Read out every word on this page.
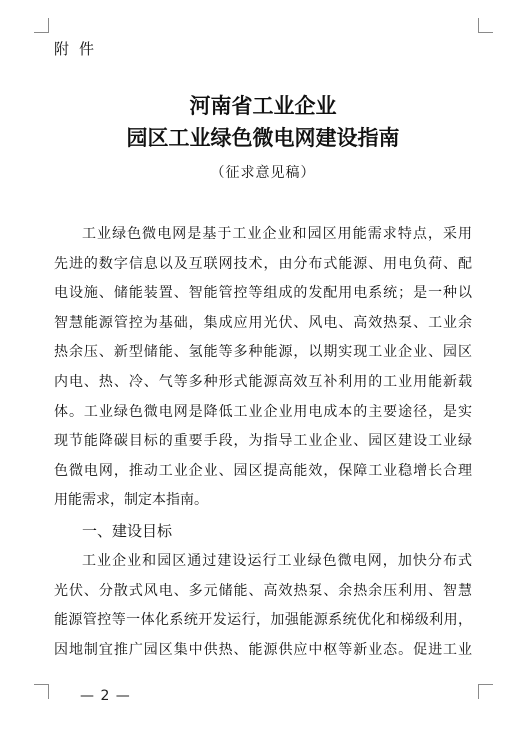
附件
河南省工业企业
园区工业绿色微电网建设指南
（征求意见稿）
工业绿色微电网是基于工业企业和园区用能需求特点，采用
先进的数字信息以及互联网技术，由分布式能源、用电负荷、配
电设施、储能装置、智能管控等组成的发配用电系统；是一种以
智慧能源管控为基础，集成应用光伏、风电、高效热泵、工业余
热余压、新型储能、氢能等多种能源，以期实现工业企业、园区
内电、热、冷、气等多种形式能源高效互补利用的工业用能新载
体。工业绿色微电网是降低工业企业用电成本的主要途径，是实
现节能降碳目标的重要手段，为指导工业企业、园区建设工业绿
色微电网，推动工业企业、园区提高能效，保障工业稳增长合理
用能需求，制定本指南。
一、建设目标
工业企业和园区通过建设运行工业绿色微电网，加快分布式
光伏、分散式风电、多元储能、高效热泵、余热余压利用、智慧
能源管控等一体化系统开发运行，加强能源系统优化和梯级利用，
因地制宜推广园区集中供热、能源供应中枢等新业态。促进工业
— 2 —
